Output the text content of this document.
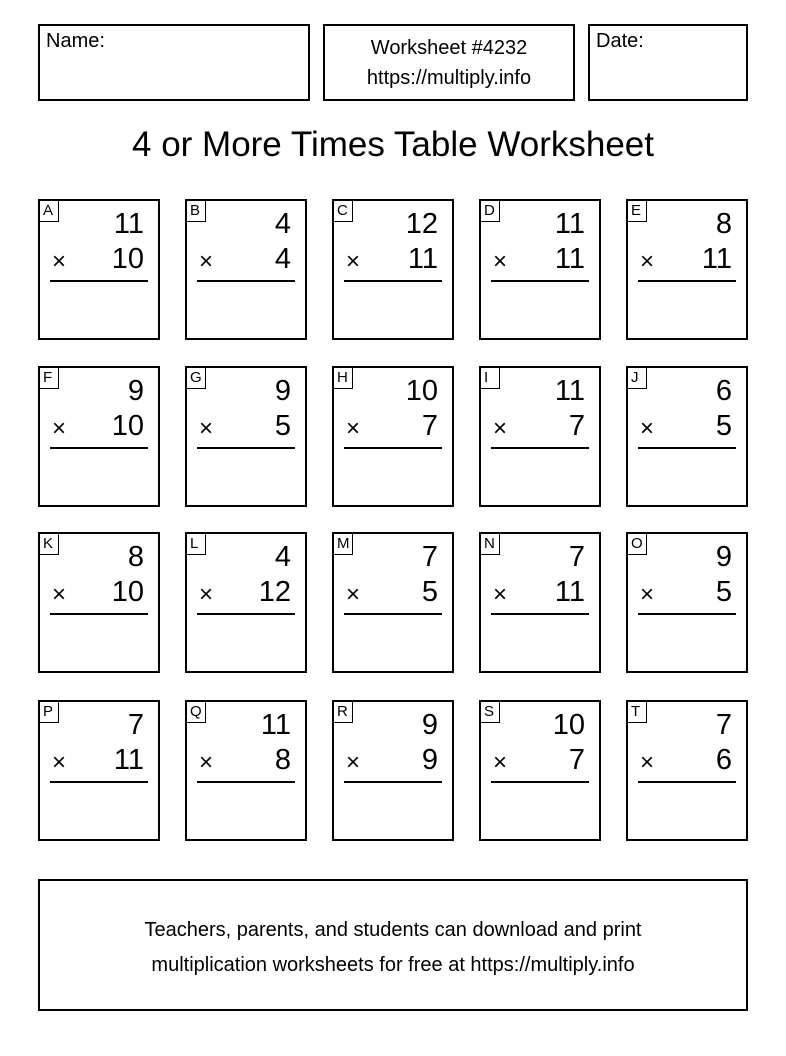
Name:	Worksheet #4232
https://multiply.info
Date:
4 or More Times Table Worksheet
A 11
× 10
B	4
× 4
C 12
× 11
D 11
× 11
E	8
× 11
F	9
× 10
G	9
× 5
H 10
× 7
I	11
× 7
J	6
× 5
K	8
× 10
L	4
× 12
M 7
× 5
N	7
× 11
O	9
× 5
P	7
× 11
Q 11
× 8
R	9
× 9
S 10
× 7
T	7
× 6
Teachers, parents, and students can download and print
multiplication worksheets for free at https://multiply.info
